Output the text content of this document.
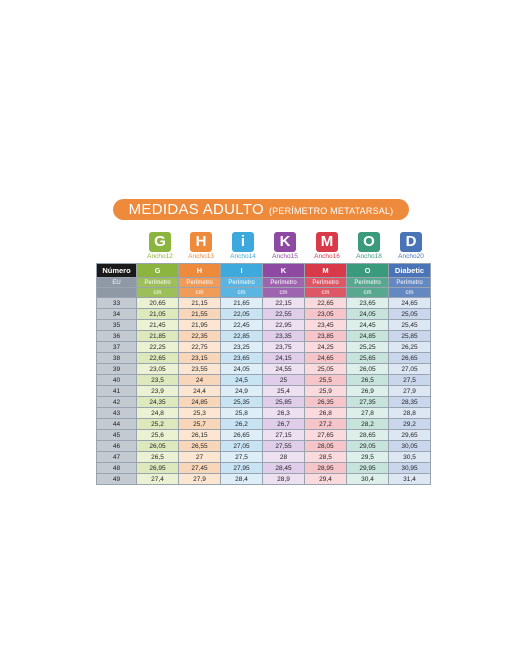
MEDIDAS ADULTO (PERÍMETRO METATARSAL)
G
Ancho12
H
Ancho13
i
Ancho14
K
Ancho15
M
Ancho16
O
Ancho18
D
Ancho20
Número	G	H	I	K	M	O	Diabetic
EU	Perímetro	Perímetro	Perímetro	Perímetro	Perímetro	Perímetro	Perímetro
	cm	cm	cm	cm	cm	cm	cm
33	20,65	21,15	21,65	22,15	22,65	23,65	24,65
34	21,05	21,55	22,05	22,55	23,05	24,05	25,05
35	21,45	21,95	22,45	22,95	23,45	24,45	25,45
36	21,85	22,35	22,85	23,35	23,85	24,85	25,85
37	22,25	22,75	23,25	23,75	24,25	25,25	26,25
38	22,65	23,15	23,65	24,15	24,65	25,65	26,65
39	23,05	23,55	24,05	24,55	25,05	26,05	27,05
40	23,5	24	24,5	25	25,5	26,5	27,5
41	23,9	24,4	24,9	25,4	25,9	26,9	27,9
42	24,35	24,85	25,35	25,85	26,35	27,35	28,35
43	24,8	25,3	25,8	26,3	26,8	27,8	28,8
44	25,2	25,7	26,2	26,7	27,2	28,2	29,2
45	25,6	26,15	26,65	27,15	27,65	28,65	29,65
46	26,05	26,55	27,05	27,55	28,05	29,05	30,05
47	26,5	27	27,5	28	28,5	29,5	30,5
48	26,95	27,45	27,95	28,45	28,95	29,95	30,95
49	27,4	27,9	28,4	28,9	29,4	30,4	31,4
